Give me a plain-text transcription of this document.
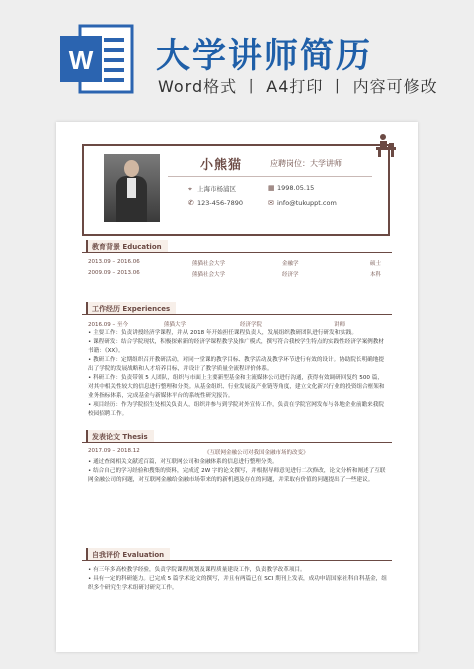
W 大学讲师简历
Word格式 丨 A4打印 丨 内容可修改
小熊猫	应聘岗位：大学讲师
⌖ 上海市杨浦区	▦ 1998.05.15
✆ 123-456-7890	✉ info@tukuppt.com
教育背景 Education
2013.09 – 2016.06	熊猫社会大学	金融学	硕士
2009.09 – 2013.06	熊猫社会大学	经济学	本科
工作经历 Experiences
2016.09 – 至今	熊猫大学	经济学院	讲师

• 主要工作：负责讲授经济学课程，并从 2018 年开始担任课程负责人，发展组织教研团队进行研发和实践。

• 课程研发：结合学院现状，积极探索新的经济学课程教学及推广模式，撰写符合我校学生特点的实践性经济学案例教材书籍：《XX》。

• 教研工作：定期组织召开教研活动，对同一堂课的教学目标、教学活动及教学环节进行有效的设计。协助院长明确地提出了学院的发展战略和人才培养目标，并设计了教学质量全流程评价体系。

• 科研工作：负责带领 5 人团队，组织与市面上主要新型基金和主流媒体公司进行沟通，获得有效调研回复约 500 篇，对其中相关性较大的信息进行整理和分类。从基金组织、行业发展及产业链等角度，建立文化新兴行业的投资组合框架和业务指标体系，完成基金与新媒体平台的系统性研究报告。

• 项目经历：作为学院招生处相关负责人，组织并参与到学院对外宣传工作，负责在学院官网发布与各地企业前瞻来我院校园招聘工作。

发表论文 Thesis
2017.09 – 2018.12	《互联网金融公司对我国金融市场的改变》

• 通过查阅相关文献近百篇，对互联网公司和金融体系的信息进行整理分类。

• 结合自己的学习经验和搜集的资料，完成近 2W 字的论文撰写，并根据导师意见进行二次修改，论文分析和阐述了互联网金融公司的问题，对互联网金融给金融市场带来的的新机遇及存在的问题，并采取有价值的问题提出了一些建议。

自我评价 Evaluation

• 有三年多高校教学经验，负责学院课程规划及课程质量建设工作，负责教学改革项目。

• 具有一定的科研能力。已完成 5 篇学术论文的撰写，并且有两篇已在 SCI 期刊上发表，成功申请国家社科自科基金，组织多个研究生学术组研讨研究工作。
